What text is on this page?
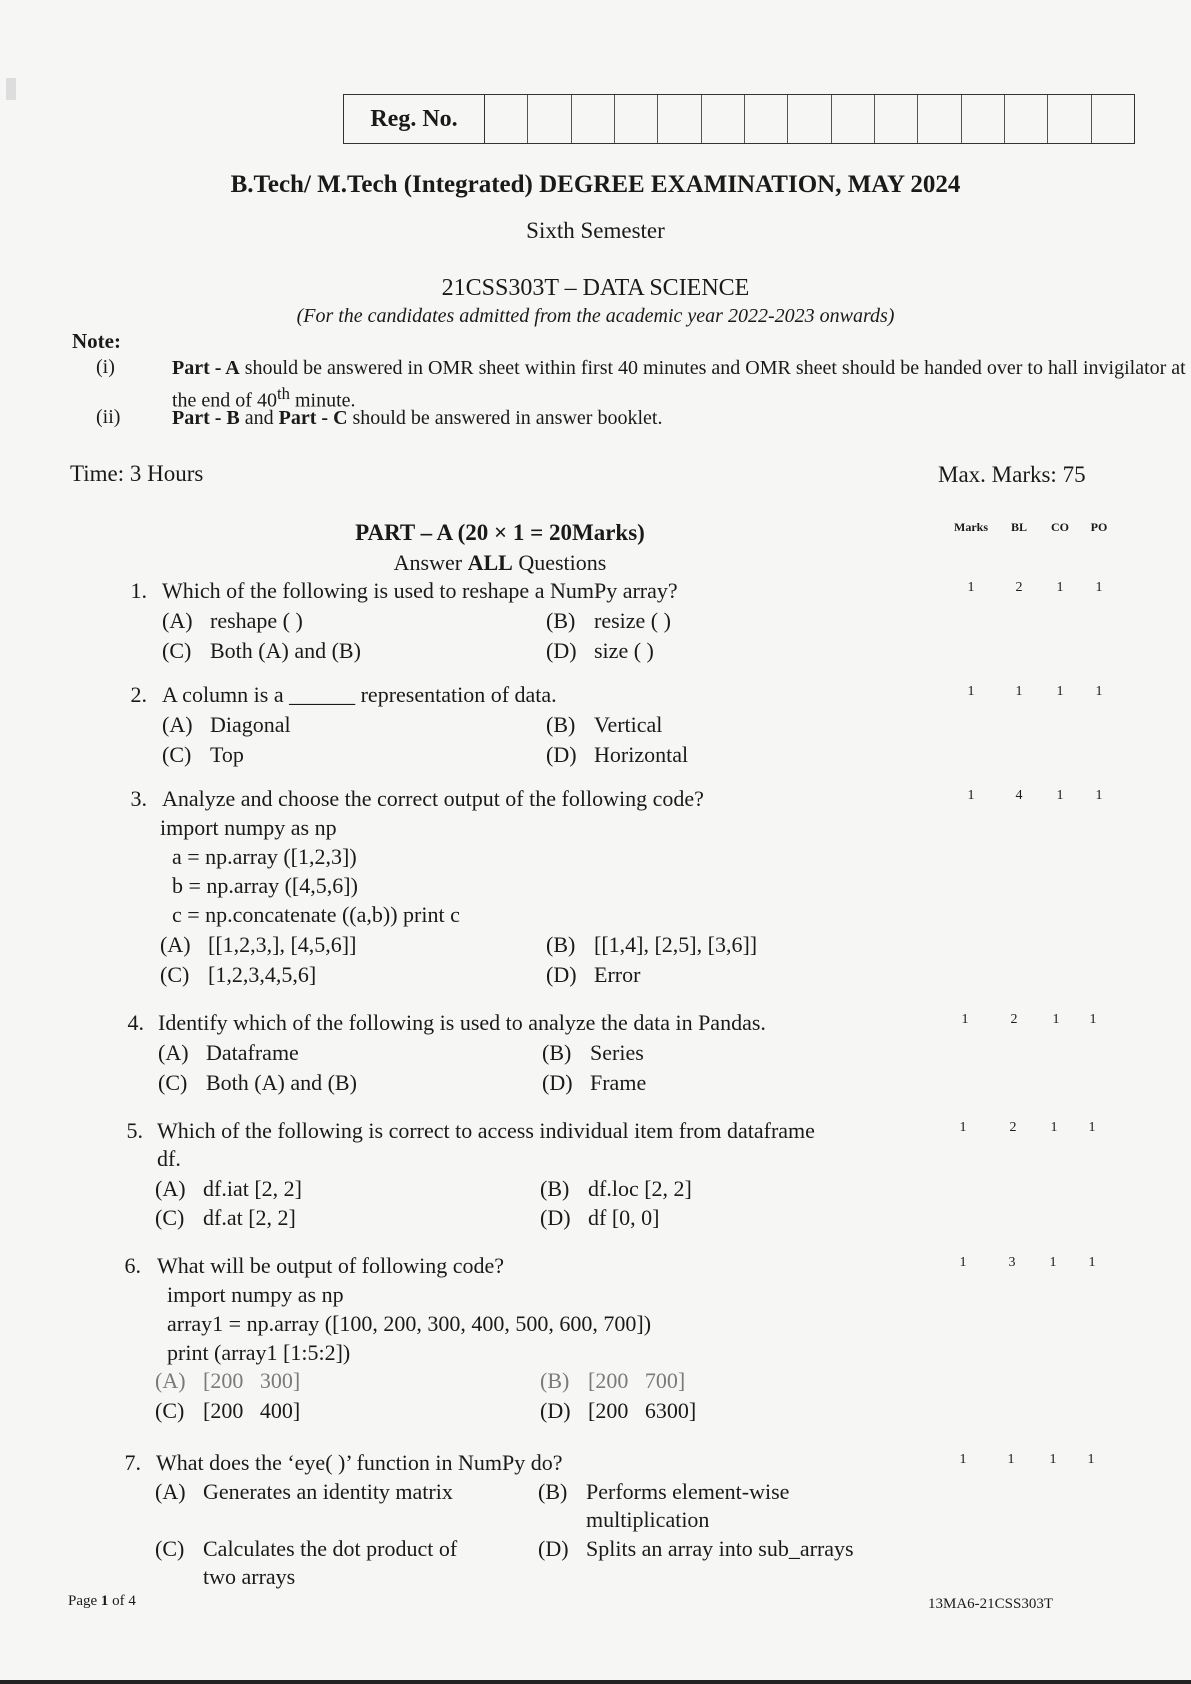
Reg. No.
B.Tech/ M.Tech (Integrated) DEGREE EXAMINATION, MAY 2024
Sixth Semester
21CSS303T – DATA SCIENCE
(For the candidates admitted from the academic year 2022-2023 onwards)
Note:
(i)	Part - A should be answered in OMR sheet within first 40 minutes and OMR sheet should be handed over to hall invigilator at the end of 40th minute.
(ii)	Part - B and Part - C should be answered in answer booklet.
Time: 3 Hours	Max. Marks: 75
PART – A (20 × 1 = 20Marks)
Answer ALL Questions
Marks	BL	CO	PO
1. Which of the following is used to reshape a NumPy array?
(A) reshape ( )	(B) resize ( )
(C) Both (A) and (B)	(D) size ( )
1	2	1	1
2. A column is a ______ representation of data.
(A) Diagonal	(B) Vertical
(C) Top	(D) Horizontal
1	1	1	1
3. Analyze and choose the correct output of the following code?
import numpy as np
a = np.array ([1,2,3])
b = np.array ([4,5,6])
c = np.concatenate ((a,b)) print c
(A) [[1,2,3,], [4,5,6]]	(B) [[1,4], [2,5], [3,6]]
(C) [1,2,3,4,5,6]	(D) Error
1	4	1	1
4. Identify which of the following is used to analyze the data in Pandas.
(A) Dataframe	(B) Series
(C) Both (A) and (B)	(D) Frame
1	2	1	1
5. Which of the following is correct to access individual item from dataframe
df.
(A) df.iat [2, 2]	(B) df.loc [2, 2]
(C) df.at [2, 2]	(D) df [0, 0]
1	2	1	1
6. What will be output of following code?
import numpy as np
array1 = np.array ([100, 200, 300, 400, 500, 600, 700])
print (array1 [1:5:2])
(A) [200   300]	(B) [200   700]
(C) [200   400]	(D) [200   6300]
1	3	1	1
7. What does the ‘eye( )’ function in NumPy do?
(A) Generates an identity matrix	(B) Performs element-wise
multiplication
(C) Calculates the dot product of
two arrays
(D) Splits an array into sub_arrays
1	1	1	1
Page 1 of 4	13MA6-21CSS303T
